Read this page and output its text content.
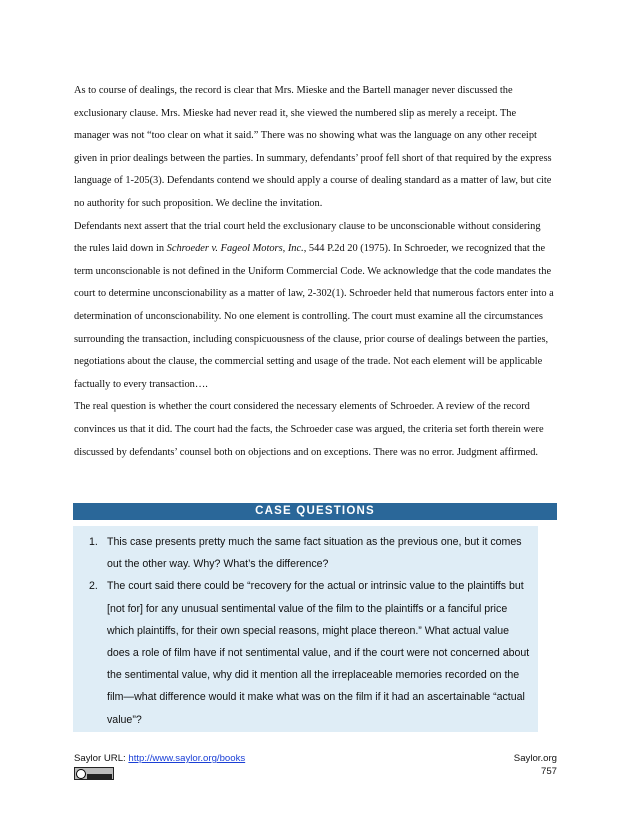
As to course of dealings, the record is clear that Mrs. Mieske and the Bartell manager never discussed the exclusionary clause. Mrs. Mieske had never read it, she viewed the numbered slip as merely a receipt. The manager was not “too clear on what it said.” There was no showing what was the language on any other receipt given in prior dealings between the parties. In summary, defendants’ proof fell short of that required by the express language of 1-205(3). Defendants contend we should apply a course of dealing standard as a matter of law, but cite no authority for such proposition. We decline the invitation.

Defendants next assert that the trial court held the exclusionary clause to be unconscionable without considering the rules laid down in Schroeder v. Fageol Motors, Inc., 544 P.2d 20 (1975). In Schroeder, we recognized that the term unconscionable is not defined in the Uniform Commercial Code. We acknowledge that the code mandates the court to determine unconscionability as a matter of law, 2-302(1). Schroeder held that numerous factors enter into a determination of unconscionability. No one element is controlling. The court must examine all the circumstances surrounding the transaction, including conspicuousness of the clause, prior course of dealings between the parties, negotiations about the clause, the commercial setting and usage of the trade. Not each element will be applicable factually to every transaction….

The real question is whether the court considered the necessary elements of Schroeder. A review of the record convinces us that it did. The court had the facts, the Schroeder case was argued, the criteria set forth therein were discussed by defendants’ counsel both on objections and on exceptions. There was no error. Judgment affirmed.

CASE QUESTIONS
1. This case presents pretty much the same fact situation as the previous one, but it comes out the other way. Why? What’s the difference?
2. The court said there could be “recovery for the actual or intrinsic value to the plaintiffs but [not for] for any unusual sentimental value of the film to the plaintiffs or a fanciful price which plaintiffs, for their own special reasons, might place thereon.” What actual value does a role of film have if not sentimental value, and if the court were not concerned about the sentimental value, why did it mention all the irreplaceable memories recorded on the film—what difference would it make what was on the film if it had an ascertainable “actual value”?
Saylor URL: http://www.saylor.org/books	Saylor.org
757
